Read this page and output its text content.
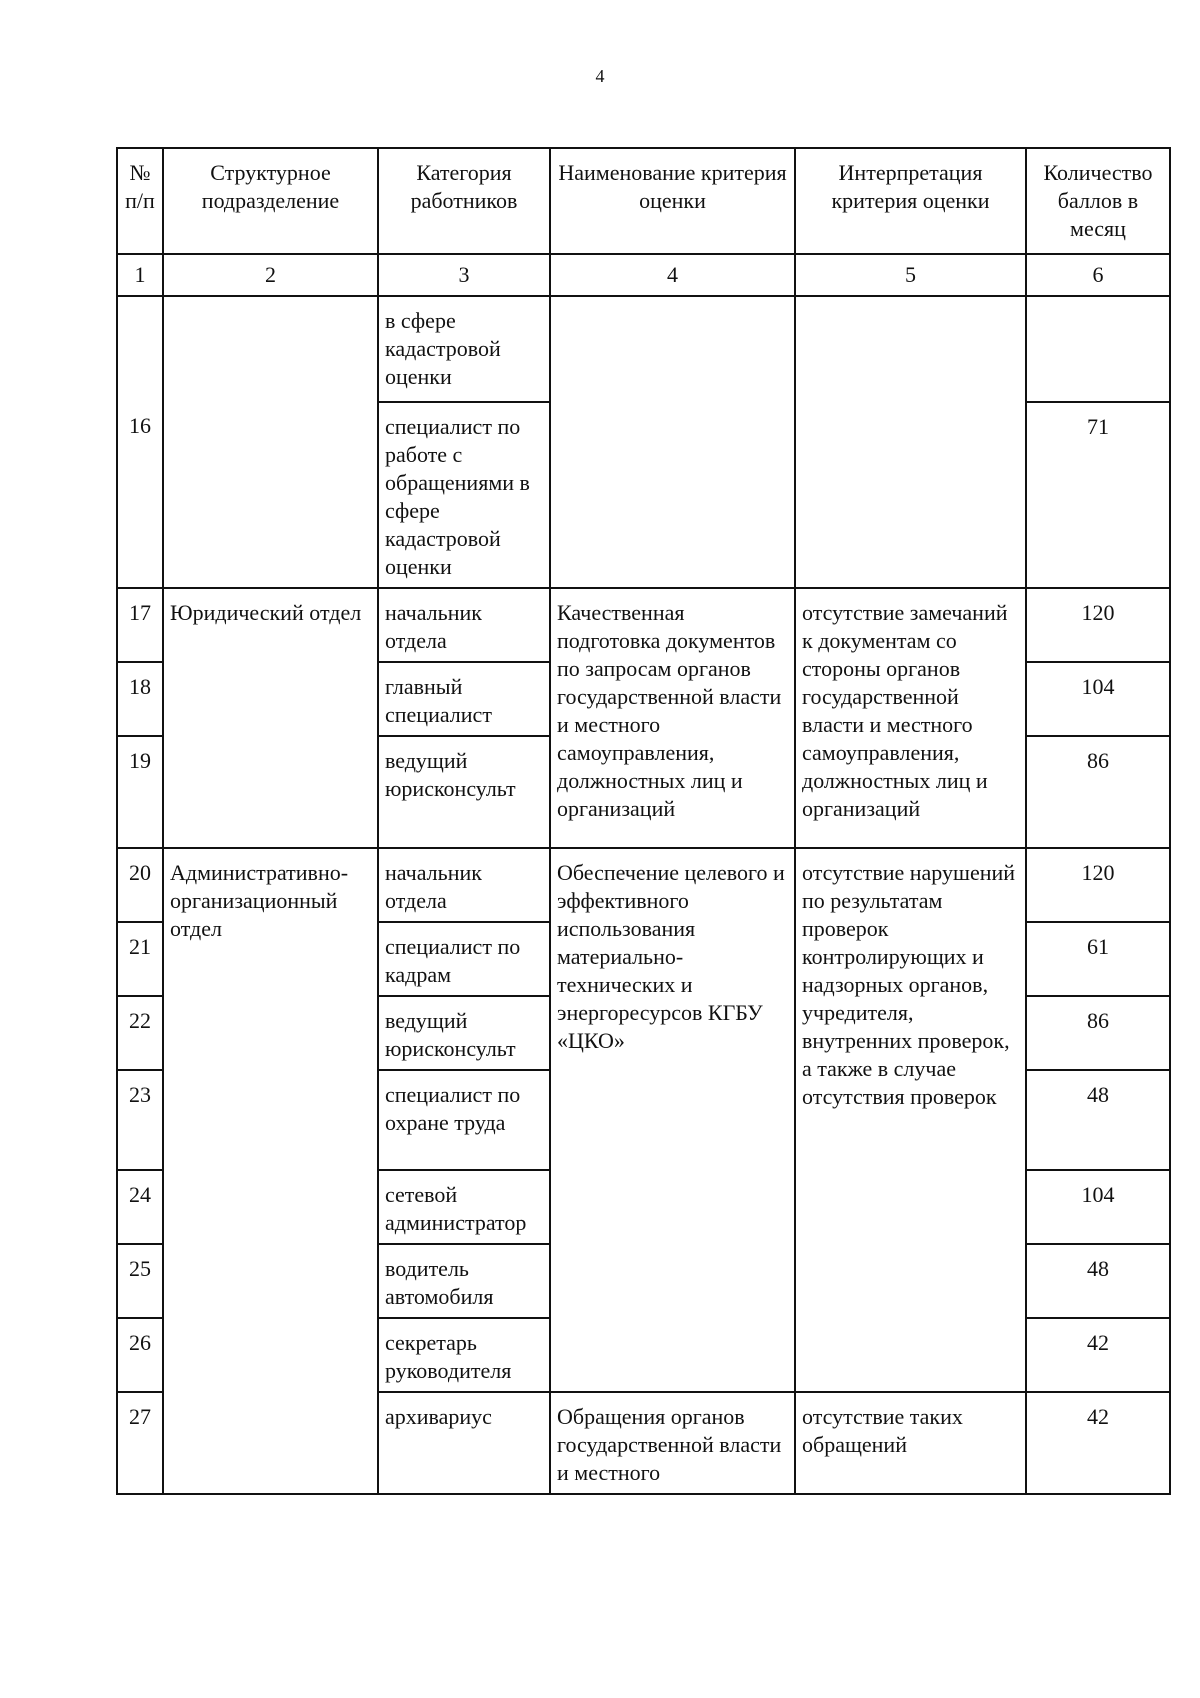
4
№ п/п	Структурное подразделение	Категория работников	Наименование критерия оценки	Интерпретация критерия оценки	Количество баллов в месяц
1	2	3	4	5	6
		в сфере кадастровой оценки			
16		специалист по работе с обращениями в сфере кадастровой оценки			71
17	Юридический отдел	начальник отдела	Качественная подготовка документов по запросам органов государственной власти и местного самоуправления, должностных лиц и организаций	отсутствие замечаний к документам со стороны органов государственной власти и местного самоуправления, должностных лиц и организаций	120
18		главный специалист			104
19		ведущий юрисконсульт			86
20	Административно-организационный отдел	начальник отдела	Обеспечение целевого и эффективного использования материально-технических и энергоресурсов КГБУ «ЦКО»	отсутствие нарушений по результатам проверок контролирующих и надзорных органов, учредителя, внутренних проверок, а также в случае отсутствия проверок	120
21		специалист по кадрам			61
22		ведущий юрисконсульт			86
23		специалист по охране труда			48
24		сетевой администратор			104
25		водитель автомобиля			48
26		секретарь руководителя			42
27		архивариус	Обращения органов государственной власти и местного	отсутствие таких обращений	42
